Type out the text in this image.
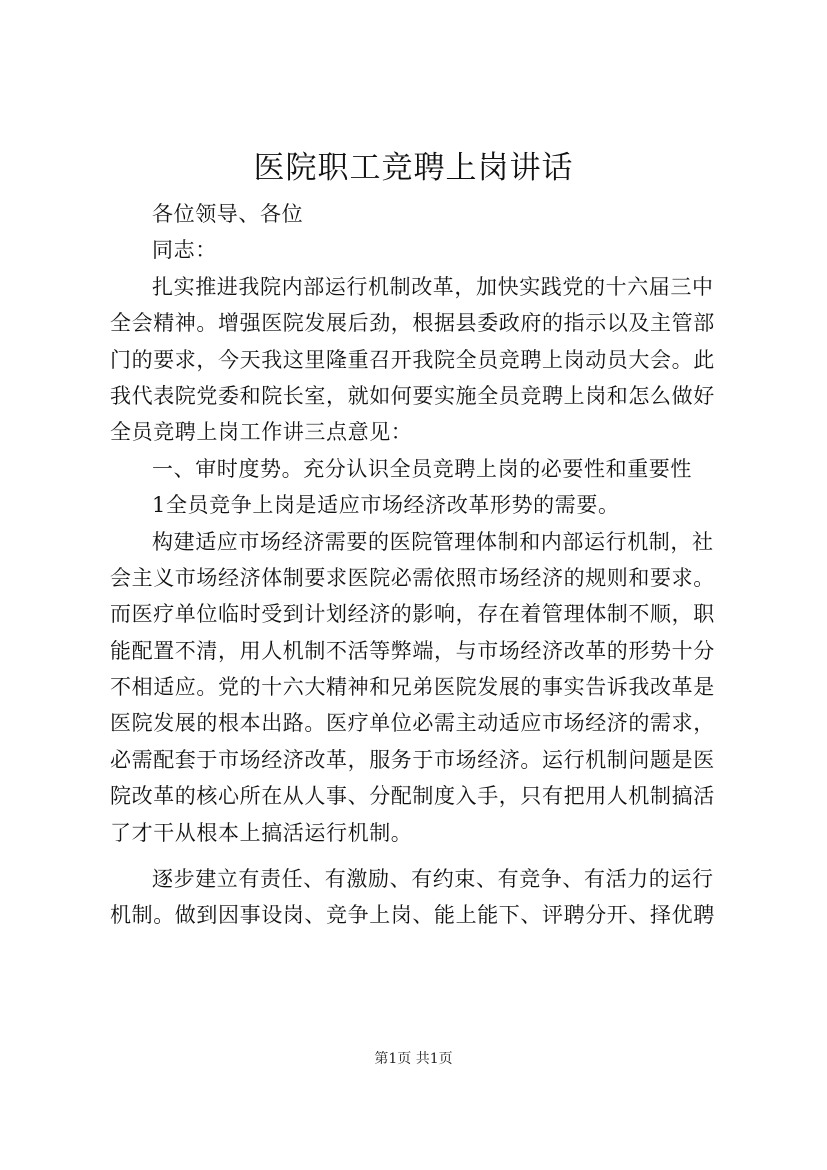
医院职工竞聘上岗讲话
各位领导、各位
同志：
扎实推进我院内部运行机制改革，加快实践党的十六届三中
全会精神。增强医院发展后劲，根据县委政府的指示以及主管部
门的要求，今天我这里隆重召开我院全员竞聘上岗动员大会。此
我代表院党委和院长室，就如何要实施全员竞聘上岗和怎么做好
全员竞聘上岗工作讲三点意见：
一、审时度势。充分认识全员竞聘上岗的必要性和重要性
1全员竞争上岗是适应市场经济改革形势的需要。
构建适应市场经济需要的医院管理体制和内部运行机制，社
会主义市场经济体制要求医院必需依照市场经济的规则和要求。
而医疗单位临时受到计划经济的影响，存在着管理体制不顺，职
能配置不清，用人机制不活等弊端，与市场经济改革的形势十分
不相适应。党的十六大精神和兄弟医院发展的事实告诉我改革是
医院发展的根本出路。医疗单位必需主动适应市场经济的需求，
必需配套于市场经济改革，服务于市场经济。运行机制问题是医
院改革的核心所在从人事、分配制度入手，只有把用人机制搞活
了才干从根本上搞活运行机制。
逐步建立有责任、有激励、有约束、有竞争、有活力的运行
机制。做到因事设岗、竞争上岗、能上能下、评聘分开、择优聘
第1页 共1页
